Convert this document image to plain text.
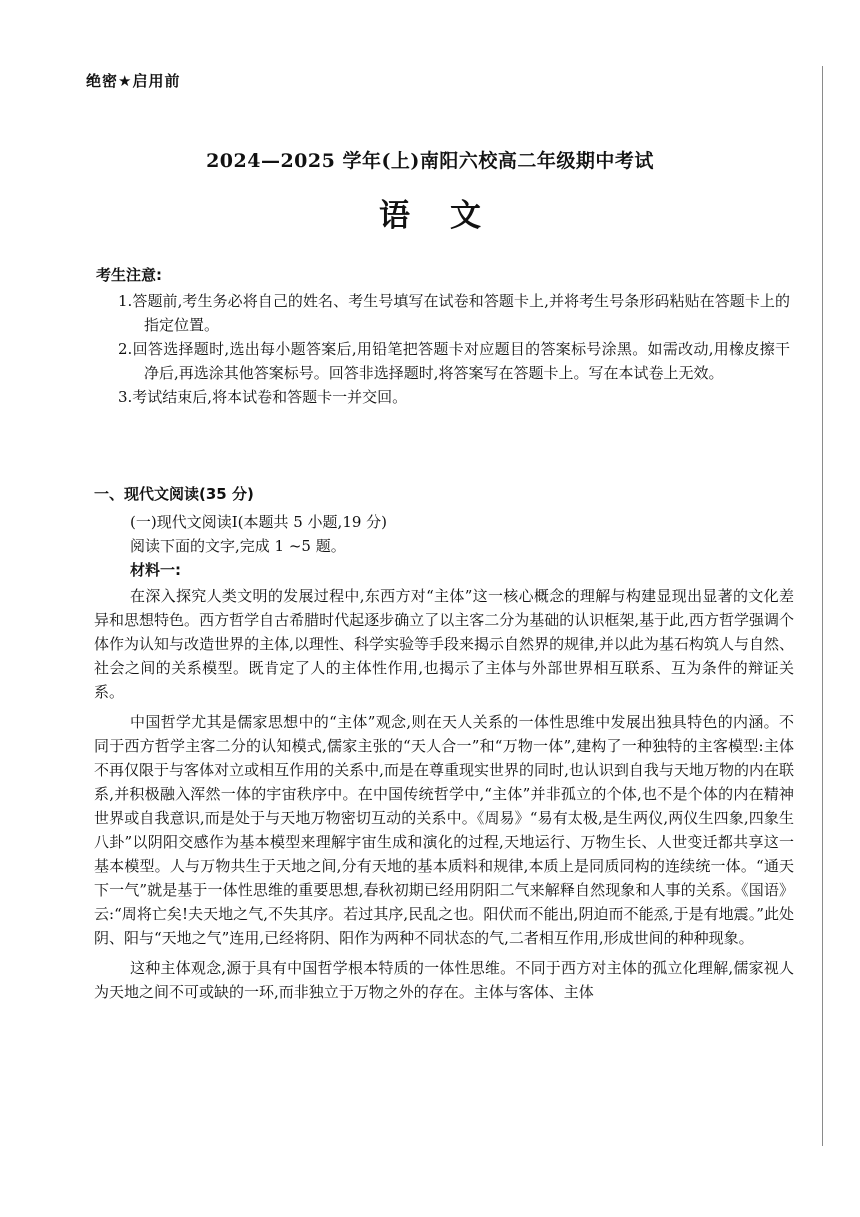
绝密★启用前
2024—2025 学年(上)南阳六校高二年级期中考试
语 文
考生注意:
1.答题前,考生务必将自己的姓名、考生号填写在试卷和答题卡上,并将考生号条形码粘贴在答题卡上的指定位置。
2.回答选择题时,选出每小题答案后,用铅笔把答题卡对应题目的答案标号涂黑。如需改动,用橡皮擦干净后,再选涂其他答案标号。回答非选择题时,将答案写在答题卡上。写在本试卷上无效。
3.考试结束后,将本试卷和答题卡一并交回。
一、现代文阅读(35 分)
(一)现代文阅读Ⅰ(本题共 5 小题,19 分)
阅读下面的文字,完成 1 ~5 题。
材料一:
在深入探究人类文明的发展过程中,东西方对“主体”这一核心概念的理解与构建显现出显著的文化差异和思想特色。西方哲学自古希腊时代起逐步确立了以主客二分为基础的认识框架,基于此,西方哲学强调个体作为认知与改造世界的主体,以理性、科学实验等手段来揭示自然界的规律,并以此为基石构筑人与自然、社会之间的关系模型。既肯定了人的主体性作用,也揭示了主体与外部世界相互联系、互为条件的辩证关系。
中国哲学尤其是儒家思想中的“主体”观念,则在天人关系的一体性思维中发展出独具特色的内涵。不同于西方哲学主客二分的认知模式,儒家主张的“天人合一”和“万物一体”,建构了一种独特的主客模型:主体不再仅限于与客体对立或相互作用的关系中,而是在尊重现实世界的同时,也认识到自我与天地万物的内在联系,并积极融入浑然一体的宇宙秩序中。在中国传统哲学中,“主体”并非孤立的个体,也不是个体的内在精神世界或自我意识,而是处于与天地万物密切互动的关系中。《周易》“易有太极,是生两仪,两仪生四象,四象生八卦”以阴阳交感作为基本模型来理解宇宙生成和演化的过程,天地运行、万物生长、人世变迁都共享这一基本模型。人与万物共生于天地之间,分有天地的基本质料和规律,本质上是同质同构的连续统一体。“通天下一气”就是基于一体性思维的重要思想,春秋初期已经用阴阳二气来解释自然现象和人事的关系。《国语》云:“周将亡矣!夫天地之气,不失其序。若过其序,民乱之也。阳伏而不能出,阴迫而不能烝,于是有地震。”此处阴、阳与“天地之气”连用,已经将阴、阳作为两种不同状态的气,二者相互作用,形成世间的种种现象。
这种主体观念,源于具有中国哲学根本特质的一体性思维。不同于西方对主体的孤立化理解,儒家视人为天地之间不可或缺的一环,而非独立于万物之外的存在。主体与客体、主体
